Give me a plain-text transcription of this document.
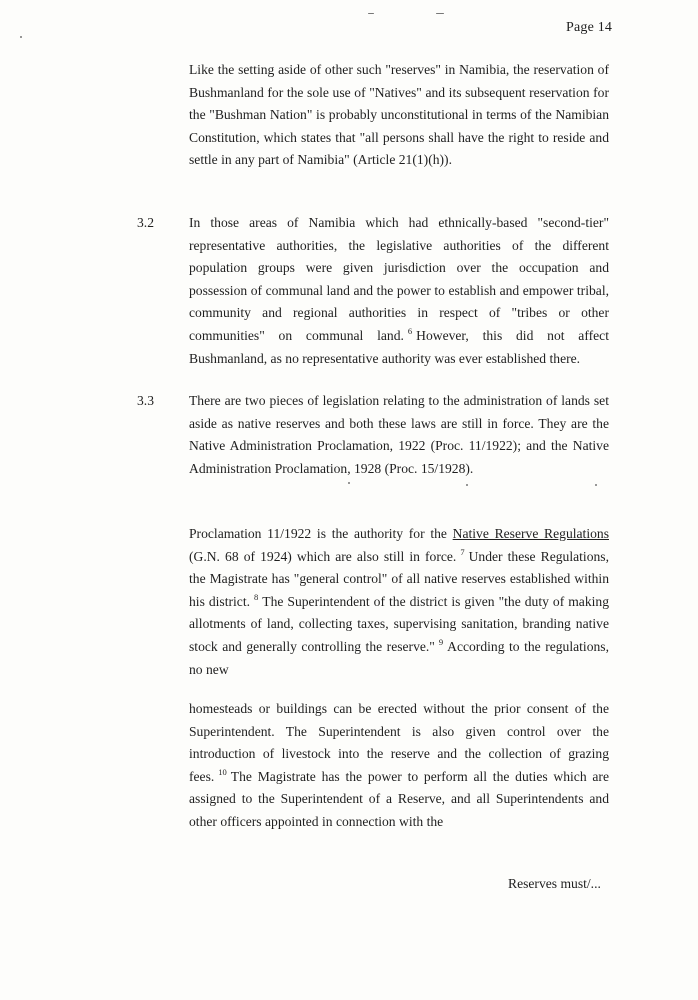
Page 14
Like the setting aside of other such "reserves" in Namibia, the reservation of Bushmanland for the sole use of "Natives" and its subsequent reservation for the "Bushman Nation" is probably unconstitutional in terms of the Namibian Constitution, which states that "all persons shall have the right to reside and settle in any part of Namibia" (Article 21(1)(h)).
3.2	In those areas of Namibia which had ethnically-based "second-tier" representative authorities, the legislative authorities of the different population groups were given jurisdiction over the occupation and possession of communal land and the power to establish and empower tribal, community and regional authorities in respect of "tribes or other communities" on communal land. $^6$ However, this did not affect Bushmanland, as no representative authority was ever established there.
3.3	There are two pieces of legislation relating to the administration of lands set aside as native reserves and both these laws are still in force. They are the Native Administration Proclamation, 1922 (Proc. 11/1922); and the Native Administration Proclamation, 1928 (Proc. 15/1928).
Proclamation 11/1922 is the authority for the Native Reserve Regulations (G.N. 68 of 1924) which are also still in force. $^7$ Under these Regulations, the Magistrate has "general control" of all native reserves established within his district. $^8$ The Superintendent of the district is given "the duty of making allotments of land, collecting taxes, supervising sanitation, branding native stock and generally controlling the reserve." $^9$ According to the regulations, no new
homesteads or buildings can be erected without the prior consent of the Superintendent. The Superintendent is also given control over the introduction of livestock into the reserve and the collection of grazing fees. $^{10}$ The Magistrate has the power to perform all the duties which are assigned to the Superintendent of a Reserve, and all Superintendents and other officers appointed in connection with the
Reserves must/...
